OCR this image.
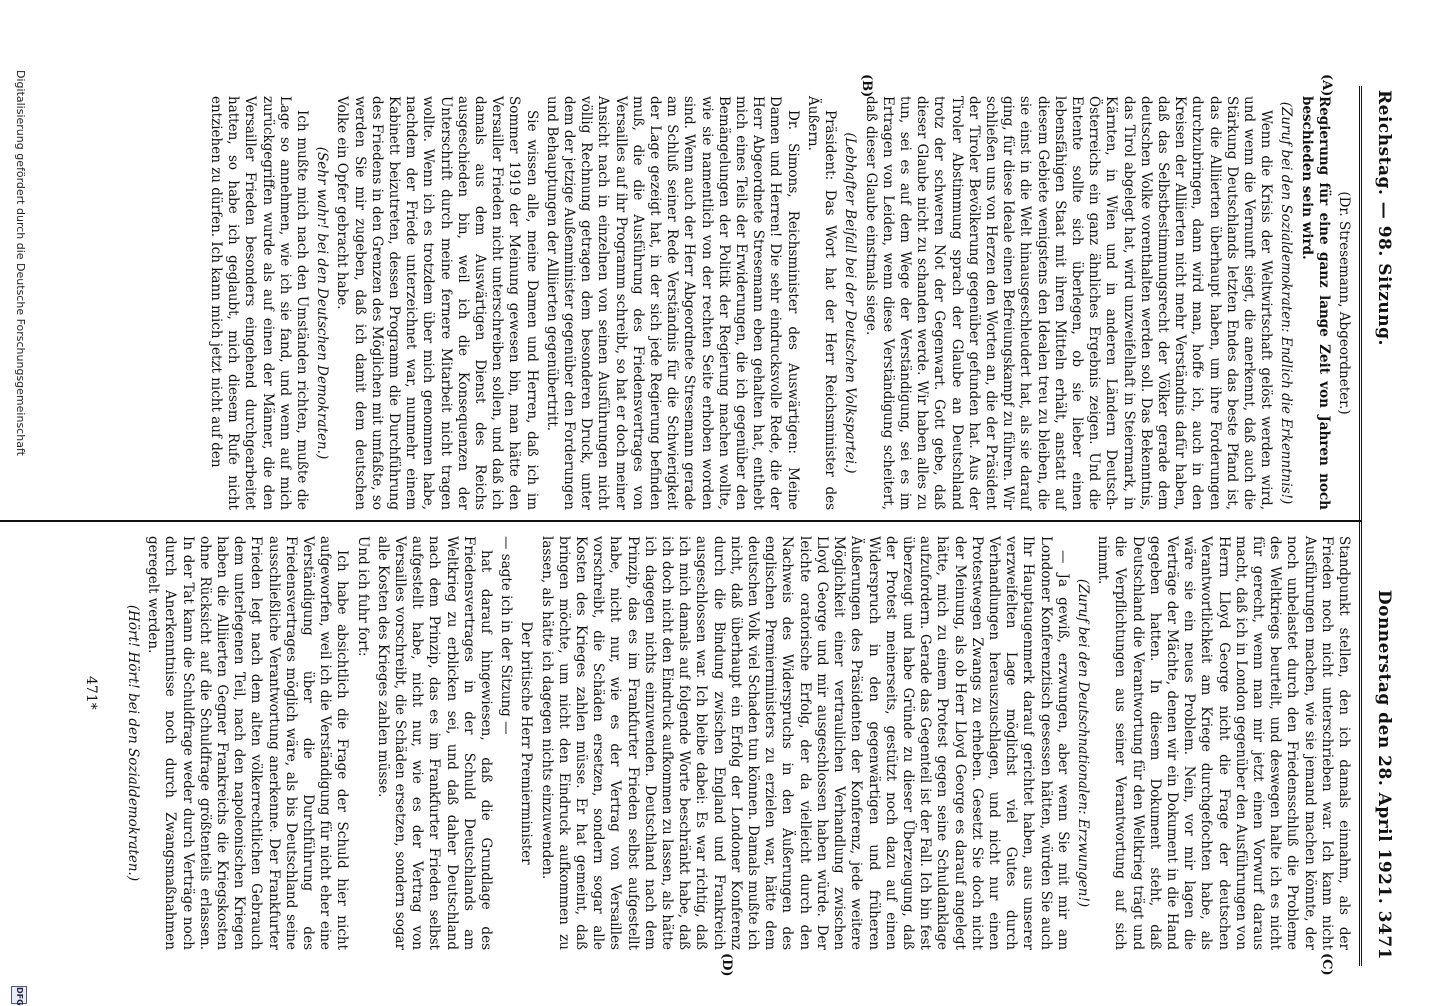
Reichstag. — 98. Sitzung.
Donnerstag den 28. April 1921. 3471
(A)
(B)
(C)
(D)

(Dr. Stresemann, Abgeordneter.)

Regierung für eine ganz lange Zeit von Jahren noch beschieden sein wird.

(Zuruf bei den Sozialdemokraten: Endlich die Erkenntnis!)

Wenn die Krisis der Weltwirtschaft gelöst werden wird, und wenn die Vernunft siegt, die anerkennt, daß auch die Stärkung Deutschlands letzten Endes das beste Pfand ist, das die Alliierten überhaupt haben, um ihre Forderungen durchzubringen, dann wird man, hoffe ich, auch in den Kreisen der Alliierten nicht mehr Verständnis dafür haben, daß das Selbstbestimmungsrecht der Völker gerade dem deutschen Volke vorenthalten werden soll. Das Bekenntnis, das Tirol abgelegt hat, wird unzweifelhaft in Steiermark, in Kärnten, in Wien und in anderen Ländern Deutsch-Österreichs ein ganz ähnliches Ergebnis zeigen. Und die Entente sollte sich überlegen, ob sie lieber einen lebensfähigen Staat mit ihren Mitteln erhält, anstatt auf diesem Gebiete wenigstens den Idealen treu zu bleiben, die sie einst in die Welt hinausgeschleudert hat, als sie darauf ging, für diese Ideale einen Befreiungskampf zu führen. Wir schließen uns von Herzen den Worten an, die der Präsident der Tiroler Bevölkerung gegenüber gefunden hat. Aus der Tiroler Abstimmung sprach der Glaube an Deutschland trotz der schweren Not der Gegenwart. Gott gebe, daß dieser Glaube nicht zu schanden werde. Wir haben alles zu tun, sei es auf dem Wege der Verständigung, sei es im Ertragen von Leiden, wenn diese Verständigung scheitert, daß dieser Glaube einstmals siege.

(Lebhafter Beifall bei der Deutschen Volkspartei.)

Präsident: Das Wort hat der Herr Reichsminister des Äußern.

Dr. Simons, Reichsminister des Auswärtigen: Meine Damen und Herren! Die sehr eindrucksvolle Rede, die der Herr Abgeordnete Stresemann eben gehalten hat, enthebt mich eines Teils der Erwiderungen, die ich gegenüber den Bemängelungen der Politik der Regierung machen wollte, wie sie namentlich von der rechten Seite erhoben worden sind. Wenn auch der Herr Abgeordnete Stresemann gerade am Schluß seiner Rede Verständnis für die Schwierigkeit der Lage gezeigt hat, in der sich jede Regierung befinden muß, die die Ausführung des Friedensvertrages von Versailles auf ihr Programm schreibt, so hat er doch meiner Ansicht nach in einzelnen von seinen Ausführungen nicht völlig Rechnung getragen dem besonderen Druck, unter dem der jetzige Außenminister gegenüber den Forderungen und Behauptungen der Alliierten gegenübertritt.

Sie wissen alle, meine Damen und Herren, daß ich im Sommer 1919 der Meinung gewesen bin, man hätte den Versailler Frieden nicht unterschreiben sollen, und daß ich damals aus dem Auswärtigen Dienst des Reichs ausgeschieden bin, weil ich die Konsequenzen der Unterschrift durch meine fernere Mitarbeit nicht tragen wollte. Wenn ich es trotzdem über mich genommen habe, nachdem der Friede unterzeichnet war, nunmehr einem Kabinett beizutreten, dessen Programm die Durchführung des Friedens in den Grenzen des Möglichen mit umfaßte, so werden Sie mir zugeben, daß ich damit dem deutschen Volke ein Opfer gebracht habe.

(Sehr wahr! bei den Deutschen Demokraten.)

Ich mußte mich nach den Umständen richten, mußte die Lage so annehmen, wie ich sie fand, und wenn auf mich zurückgegriffen wurde als auf einen der Männer, die den Versailler Frieden besonders eingehend durchgearbeitet hatten, so habe ich geglaubt, mich diesem Rufe nicht entziehen zu dürfen. Ich kann mich jetzt nicht auf den

Standpunkt stellen, den ich damals einnahm, als der Frieden noch nicht unterschrieben war. Ich kann nicht Ausführungen machen, wie sie jemand machen könnte, der noch unbelastet durch den Friedensschluß die Probleme des Weltkriegs beurteilt, und deswegen halte ich es nicht für gerecht, wenn man mir jetzt einen Vorwurf daraus macht, daß ich in London gegenüber den Ausführungen von Herrn Lloyd George nicht die Frage der deutschen Verantwortlichkeit am Kriege durchgefochten habe, als wäre sie ein neues Problem. Nein, vor mir lagen die Verträge der Mächte, denen wir ein Dokument in die Hand gegeben hatten. In diesem Dokument steht, daß Deutschland die Verantwortung für den Weltkrieg trägt und die Verpflichtungen aus seiner Verantwortung auf sich nimmt.

(Zuruf bei den Deutschnationalen: Erzwungen!)

— Ja gewiß, erzwungen, aber wenn Sie mit mir am Londoner Konferenztisch gesessen hätten, würden Sie auch Ihr Hauptaugenmerk darauf gerichtet haben, aus unserer verzweifelten Lage möglichst viel Gutes durch Verhandlungen herauszuschlagen, und nicht nur einen Protestwegen Zwangs zu erheben. Gesetzt Sie doch nicht der Meinung, als ob Herr Lloyd George es darauf angelegt hätte, mich zu einem Protest gegen seine Schuldanklage aufzufordern. Gerade das Gegenteil ist der Fall. Ich bin fest überzeugt und habe Gründe zu dieser Überzeugung, daß der Protest meinerseits, gestützt noch dazu auf einen Widerspruch in den gegenwärtigen und früheren Äußerungen des Präsidenten der Konferenz, jede weitere Möglichkeit einer vertraulichen Verhandlung zwischen Lloyd George und mir ausgeschlossen haben würde. Der leichte oratorische Erfolg, der da vielleicht durch den Nachweis des Widerspruchs in den Äußerungen des englischen Premierministers zu erzielen war, hätte dem deutschen Volk viel Schaden tun können. Damals mußte ich nicht, daß überhaupt ein Erfolg der Londoner Konferenz durch die Bindung zwischen England und Frankreich ausgeschlossen war. Ich bleibe dabei: Es war richtig, daß ich mich damals auf folgende Worte beschränkt habe, daß ich doch nicht den Eindruck aufkommen zu lassen, als hätte ich dagegen nichts einzuwenden. Deutschland nach dem Prinzip, das es im Frankfurter Frieden selbst aufgestellt habe, nicht nur, wie es der Vertrag von Versailles vorschreibt, die Schäden ersetzen, sondern sogar alle Kosten des Krieges zahlen müsse. Er hat gemeint, daß bringen möchte, um nicht den Eindruck aufkommen zu lassen, als hätte ich dagegen nichts einzuwenden.

Der britische Herr Premierminister

— sagte ich in der Sitzung —

hat darauf hingewiesen, daß die Grundlage des Friedensvertrages in der Schuld Deutschlands am Weltkrieg zu erblicken sei, und daß daher Deutschland nach dem Prinzip, das es im Frankfurter Frieden selbst aufgestellt habe, nicht nur, wie es der Vertrag von Versailles vorschreibt, die Schäden ersetzen, sondern sogar alle Kosten des Krieges zahlen müsse.

Und ich fuhr fort:

Ich habe absichtlich die Frage der Schuld hier nicht aufgeworfen, weil ich die Verständigung für nicht eher eine Verständigung über die Durchführung des Friedensvertrages möglich wäre, als bis Deutschland seine ausschließliche Verantwortung anerkenne. Der Frankfurter Frieden legt nach dem alten völkerrechtlichen Gebrauch dem unterlegenen Teil, nach den napoleonischen Kriegen haben die Alliierten Gegner Frankreichs die Kriegskosten ohne Rücksicht auf die Schuldfrage größtenteils erlassen. In der Tat kann die Schuldfrage weder durch Verträge noch durch Anerkenntnisse noch durch Zwangsmaßnahmen geregelt werden.

(Hört! Hört! bei den Sozialdemokraten.)

471*
Digitalisierung gefördert durch die Deutsche Forschungsgemeinschaft
DFG
